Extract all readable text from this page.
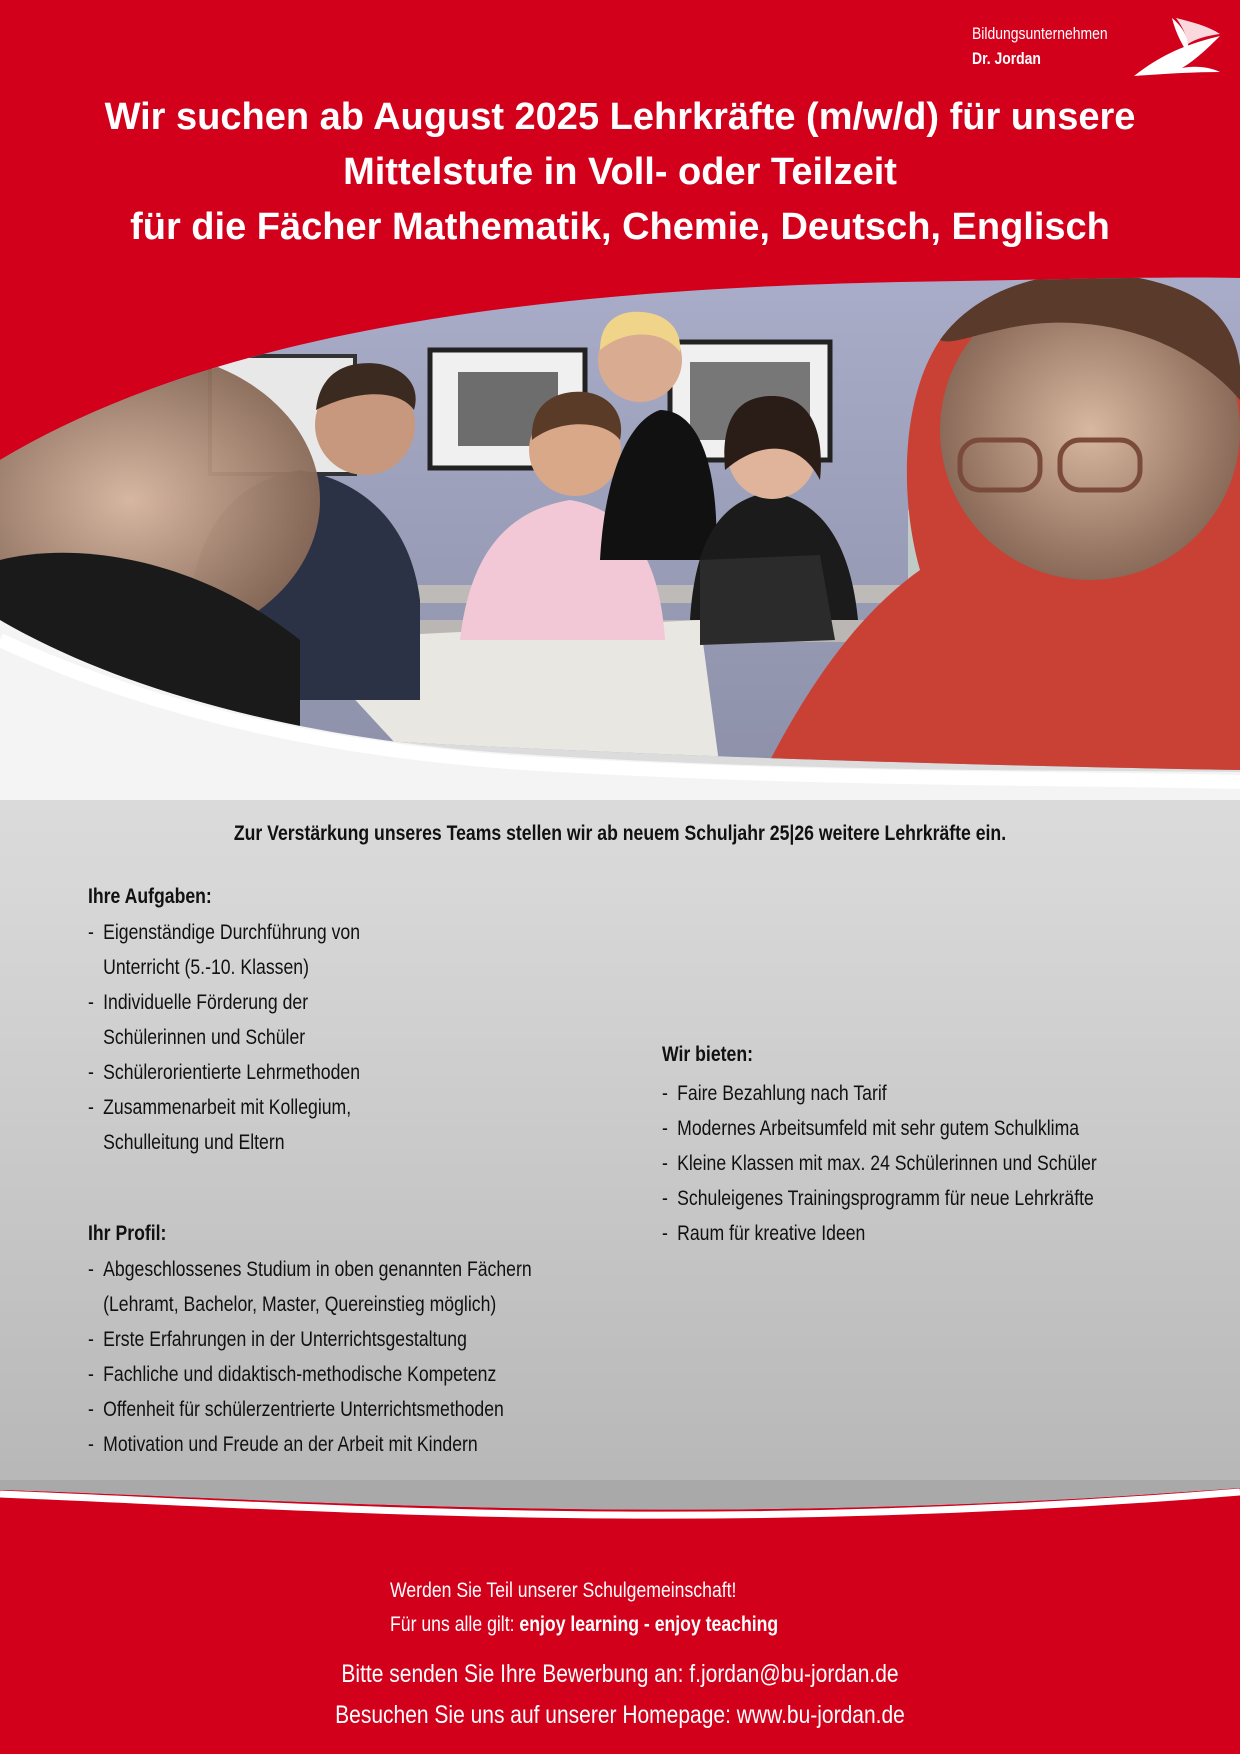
Bildungsunternehmen
Dr. Jordan
Wir suchen ab August 2025 Lehrkräfte (m/w/d) für unsere
Mittelstufe in Voll- oder Teilzeit
für die Fächer Mathematik, Chemie, Deutsch, Englisch
Zur Verstärkung unseres Teams stellen wir ab neuem Schuljahr 25|26 weitere Lehrkräfte ein.
Ihre Aufgaben:
- Eigenständige Durchführung von
Unterricht (5.-10. Klassen)
- Individuelle Förderung der
Schülerinnen und Schüler
- Schülerorientierte Lehrmethoden
- Zusammenarbeit mit Kollegium,
Schulleitung und Eltern
Wir bieten:
- Faire Bezahlung nach Tarif
- Modernes Arbeitsumfeld mit sehr gutem Schulklima
- Kleine Klassen mit max. 24 Schülerinnen und Schüler
- Schuleigenes Trainingsprogramm für neue Lehrkräfte
- Raum für kreative Ideen
Ihr Profil:
- Abgeschlossenes Studium in oben genannten Fächern
(Lehramt, Bachelor, Master, Quereinstieg möglich)
- Erste Erfahrungen in der Unterrichtsgestaltung
- Fachliche und didaktisch-methodische Kompetenz
- Offenheit für schülerzentrierte Unterrichtsmethoden
- Motivation und Freude an der Arbeit mit Kindern
Werden Sie Teil unserer Schulgemeinschaft!
Für uns alle gilt: enjoy learning - enjoy teaching
Bitte senden Sie Ihre Bewerbung an: f.jordan@bu-jordan.de
Besuchen Sie uns auf unserer Homepage: www.bu-jordan.de
